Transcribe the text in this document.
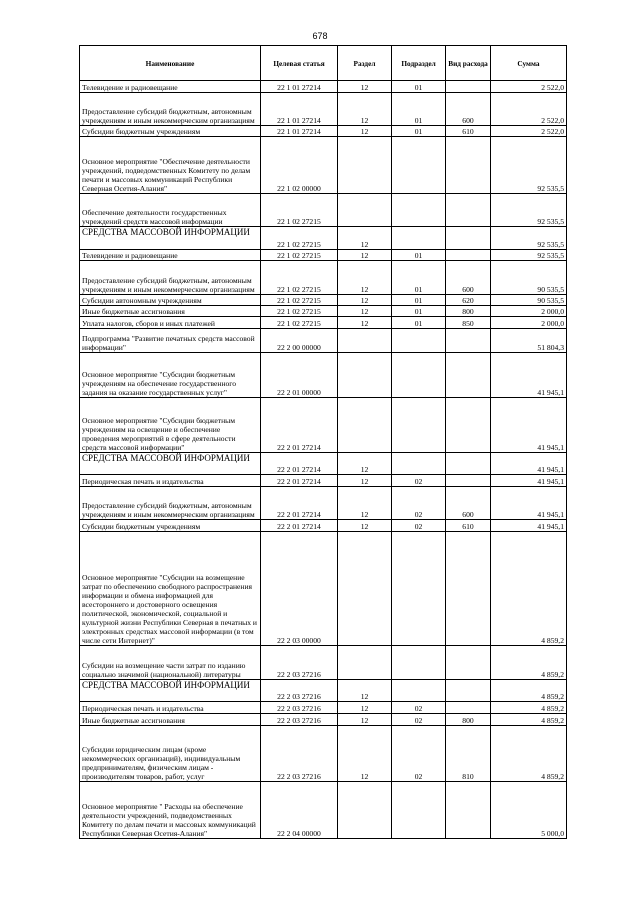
678
Наименование	Целевая статья	Раздел	Подраздел	Вид расхода	Сумма
Телевидение и радиовещание	22 1 01 27214	12	01		2 522,0
Предоставление субсидий бюджетным, автономным учреждениям и иным некоммерческим организациям	22 1 01 27214	12	01	600	2 522,0
Субсидии бюджетным учреждениям	22 1 01 27214	12	01	610	2 522,0
Основное мероприятие "Обеспечение деятельности учреждений, подведомственных Комитету по делам печати и массовых коммуникаций Республики Северная Осетия-Алания"	22 1 02 00000				92 535,5
Обеспечение деятельности государственных учреждений средств массовой информации	22 1 02 27215				92 535,5
СРЕДСТВА МАССОВОЙ ИНФОРМАЦИИ	22 1 02 27215	12			92 535,5
Телевидение и радиовещание	22 1 02 27215	12	01		92 535,5
Предоставление субсидий бюджетным, автономным учреждениям и иным некоммерческим организациям	22 1 02 27215	12	01	600	90 535,5
Субсидии автономным учреждениям	22 1 02 27215	12	01	620	90 535,5
Иные бюджетные ассигнования	22 1 02 27215	12	01	800	2 000,0
Уплата налогов, сборов и иных платежей	22 1 02 27215	12	01	850	2 000,0
Подпрограмма "Развитие печатных средств массовой информации"	22 2 00 00000				51 804,3
Основное мероприятие "Субсидии бюджетным учреждениям на обеспечение государственного задания на оказание государственных услуг"	22 2 01 00000				41 945,1
Основное мероприятие "Субсидии бюджетным учреждениям на освещение и обеспечение проведения мероприятий в сфере деятельности средств массовой информации"	22 2 01 27214				41 945,1
СРЕДСТВА МАССОВОЙ ИНФОРМАЦИИ	22 2 01 27214	12			41 945,1
Периодическая печать и издательства	22 2 01 27214	12	02		41 945,1
Предоставление субсидий бюджетным, автономным учреждениям и иным некоммерческим организациям	22 2 01 27214	12	02	600	41 945,1
Субсидии бюджетным учреждениям	22 2 01 27214	12	02	610	41 945,1
Основное мероприятие "Субсидии на возмещение затрат по обеспечению свободного распространения информации и обмена информацией для всестороннего и достоверного освещения политической, экономической, социальной и культурной жизни Республики Северная в печатных и электронных средствах массовой информации (в том числе сети Интернет)"	22 2 03 00000				4 859,2
Субсидии на возмещение части затрат по изданию социально значимой (национальной) литературы	22 2 03 27216				4 859,2
СРЕДСТВА МАССОВОЙ ИНФОРМАЦИИ	22 2 03 27216	12			4 859,2
Периодическая печать и издательства	22 2 03 27216	12	02		4 859,2
Иные бюджетные ассигнования	22 2 03 27216	12	02	800	4 859,2
Субсидии юридическим лицам (кроме некоммерческих организаций), индивидуальным предпринимателям, физическим лицам - производителям товаров, работ, услуг	22 2 03 27216	12	02	810	4 859,2
Основное мероприятие " Расходы на обеспечение деятельности учреждений, подведомственных Комитету по делам печати и массовых коммуникаций Республики Северная Осетия-Алания"	22 2 04 00000				5 000,0
